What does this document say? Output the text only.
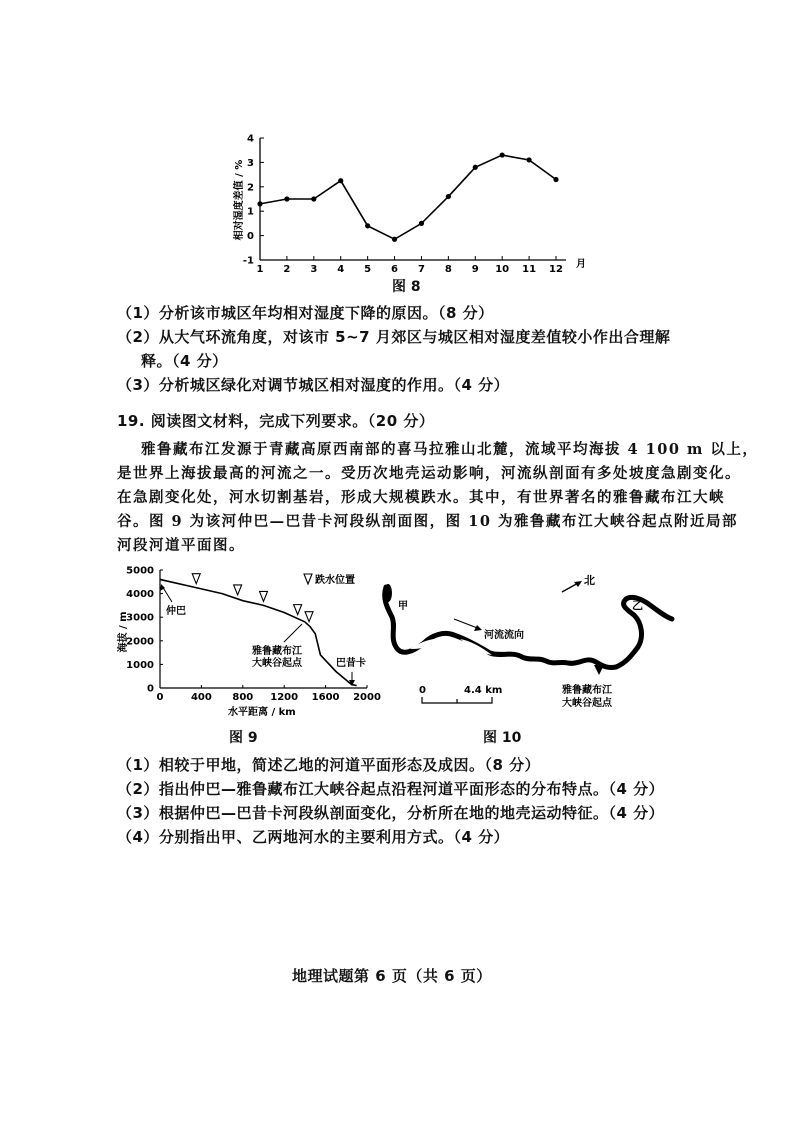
4
3
2
1
0
-1
1 2 3 4 5 6 7 8 9 10 11 12
相对湿度差值 / %
月
图 8
（1）分析该市城区年均相对湿度下降的原因。（8 分）
（2）从大气环流角度，对该市 5~7 月郊区与城区相对湿度差值较小作出合理解
释。（4 分）
（3）分析城区绿化对调节城区相对湿度的作用。（4 分）
19. 阅读图文材料，完成下列要求。（20 分）
雅鲁藏布江发源于青藏高原西南部的喜马拉雅山北麓，流域平均海拔 4 100 m 以上，
是世界上海拔最高的河流之一。受历次地壳运动影响，河流纵剖面有多处坡度急剧变化。
在急剧变化处，河水切割基岩，形成大规模跌水。其中，有世界著名的雅鲁藏布江大峡
谷。图 9 为该河仲巴—巴昔卡河段纵剖面图，图 10 为雅鲁藏布江大峡谷起点附近局部
河段河道平面图。
0
1000
2000
3000
4000
5000
0	400 800 1200 1600 2000
跌水位置
仲巴
雅鲁藏布江
大峡谷起点	巴昔卡
海拔 / m
水平距离 / km
图 9
北
河流流向
甲	乙
雅鲁藏布江
大峡谷起点
0	4.4 km
图 10
（1）相较于甲地，简述乙地的河道平面形态及成因。（8 分）
（2）指出仲巴—雅鲁藏布江大峡谷起点沿程河道平面形态的分布特点。（4 分）
（3）根据仲巴—巴昔卡河段纵剖面变化，分析所在地的地壳运动特征。（4 分）
（4）分别指出甲、乙两地河水的主要利用方式。（4 分）
地理试题第 6 页（共 6 页）
